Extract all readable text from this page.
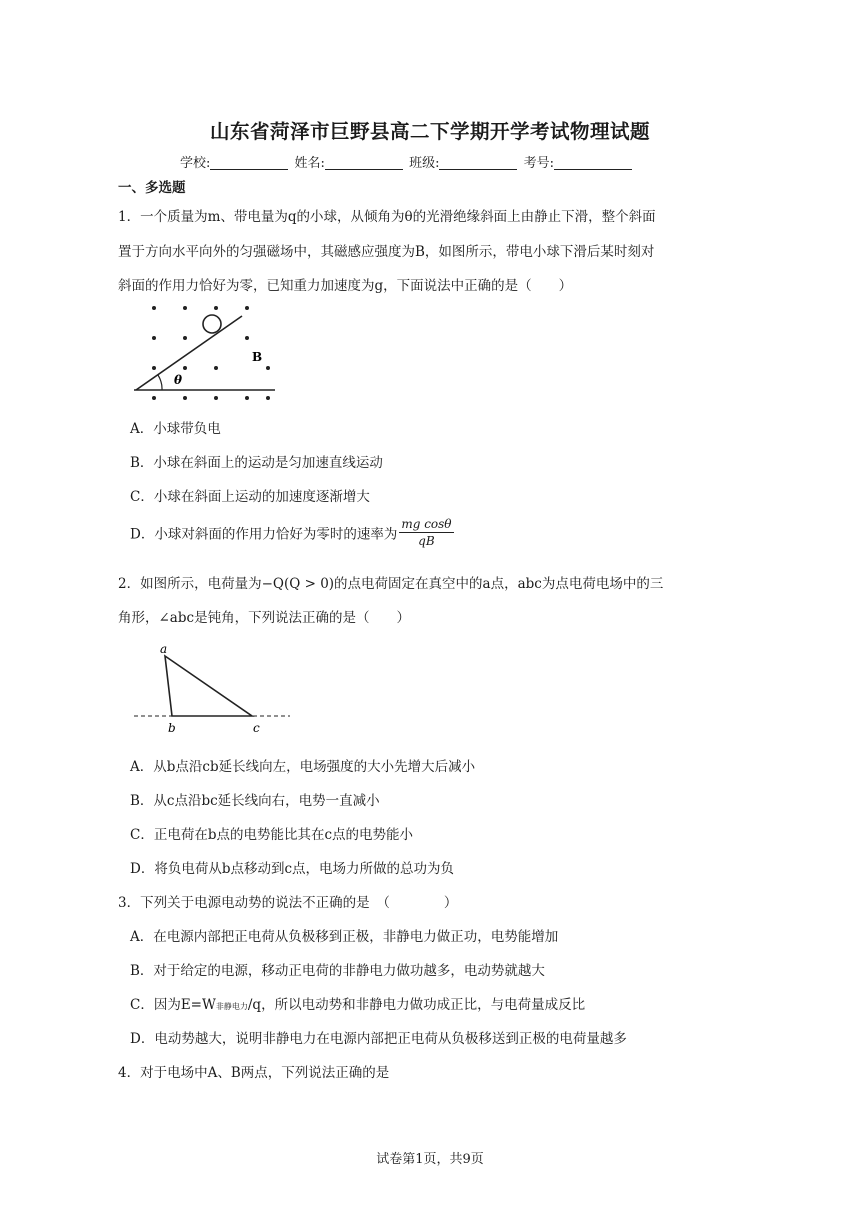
山东省菏泽市巨野县高二下学期开学考试物理试题
学校:	姓名:	班级:	考号:
一、多选题
1．一个质量为m、带电量为q的小球，从倾角为θ的光滑绝缘斜面上由静止下滑，整个斜面
置于方向水平向外的匀强磁场中，其磁感应强度为B，如图所示，带电小球下滑后某时刻对
斜面的作用力恰好为零，已知重力加速度为g，下面说法中正确的是（　　）
θ
B
A．小球带负电
B．小球在斜面上的运动是匀加速直线运动
C．小球在斜面上运动的加速度逐渐增大
D．小球对斜面的作用力恰好为零时的速率为 $\frac{\text{mg cosθ}}{qB}$
2．如图所示，电荷量为−Q(Q > 0)的点电荷固定在真空中的a点，abc为点电荷电场中的三
角形，∠abc是钝角，下列说法正确的是（　　）
a
b	c
A．从b点沿cb延长线向左，电场强度的大小先增大后减小
B．从c点沿bc延长线向右，电势一直减小
C．正电荷在b点的电势能比其在c点的电势能小
D．将负电荷从b点移动到c点，电场力所做的总功为负
3．下列关于电源电动势的说法不正确的是　（　　　　）
A．在电源内部把正电荷从负极移到正极，非静电力做正功，电势能增加
B．对于给定的电源，移动正电荷的非静电力做功越多，电动势就越大
C．因为E=W非静电力/q，所以电动势和非静电力做功成正比，与电荷量成反比
D．电动势越大，说明非静电力在电源内部把正电荷从负极移送到正极的电荷量越多
4．对于电场中A、B两点，下列说法正确的是
试卷第1页，共9页
